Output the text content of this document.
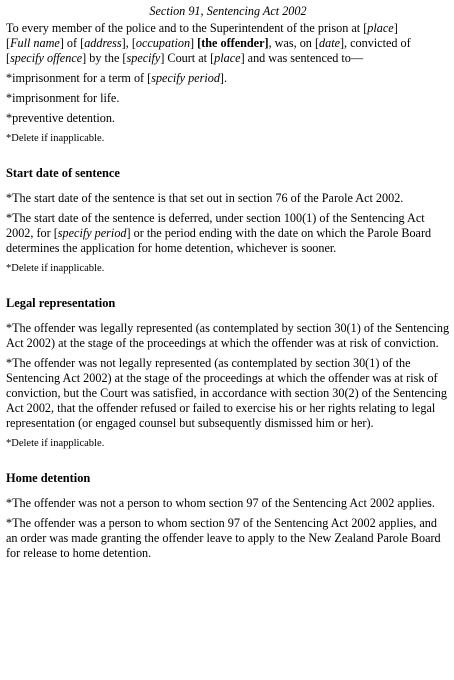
Section 91, Sentencing Act 2002

To every member of the police and to the Superintendent of the prison at [place]

[Full name] of [address], [occupation] [the offender], was, on [date], convicted of [specify offence] by the [specify] Court at [place] and was sentenced to—

*imprisonment for a term of [specify period].

*imprisonment for life.

*preventive detention.

*Delete if inapplicable.

Start date of sentence

*The start date of the sentence is that set out in section 76 of the Parole Act 2002.

*The start date of the sentence is deferred, under section 100(1) of the Sentencing Act 2002, for [specify period] or the period ending with the date on which the Parole Board determines the application for home detention, whichever is sooner.

*Delete if inapplicable.

Legal representation

*The offender was legally represented (as contemplated by section 30(1) of the Sentencing Act 2002) at the stage of the proceedings at which the offender was at risk of conviction.

*The offender was not legally represented (as contemplated by section 30(1) of the Sentencing Act 2002) at the stage of the proceedings at which the offender was at risk of conviction, but the Court was satisfied, in accordance with section 30(2) of the Sentencing Act 2002, that the offender refused or failed to exercise his or her rights relating to legal representation (or engaged counsel but subsequently dismissed him or her).

*Delete if inapplicable.

Home detention

*The offender was not a person to whom section 97 of the Sentencing Act 2002 applies.

*The offender was a person to whom section 97 of the Sentencing Act 2002 applies, and an order was made granting the offender leave to apply to the New Zealand Parole Board for release to home detention.
